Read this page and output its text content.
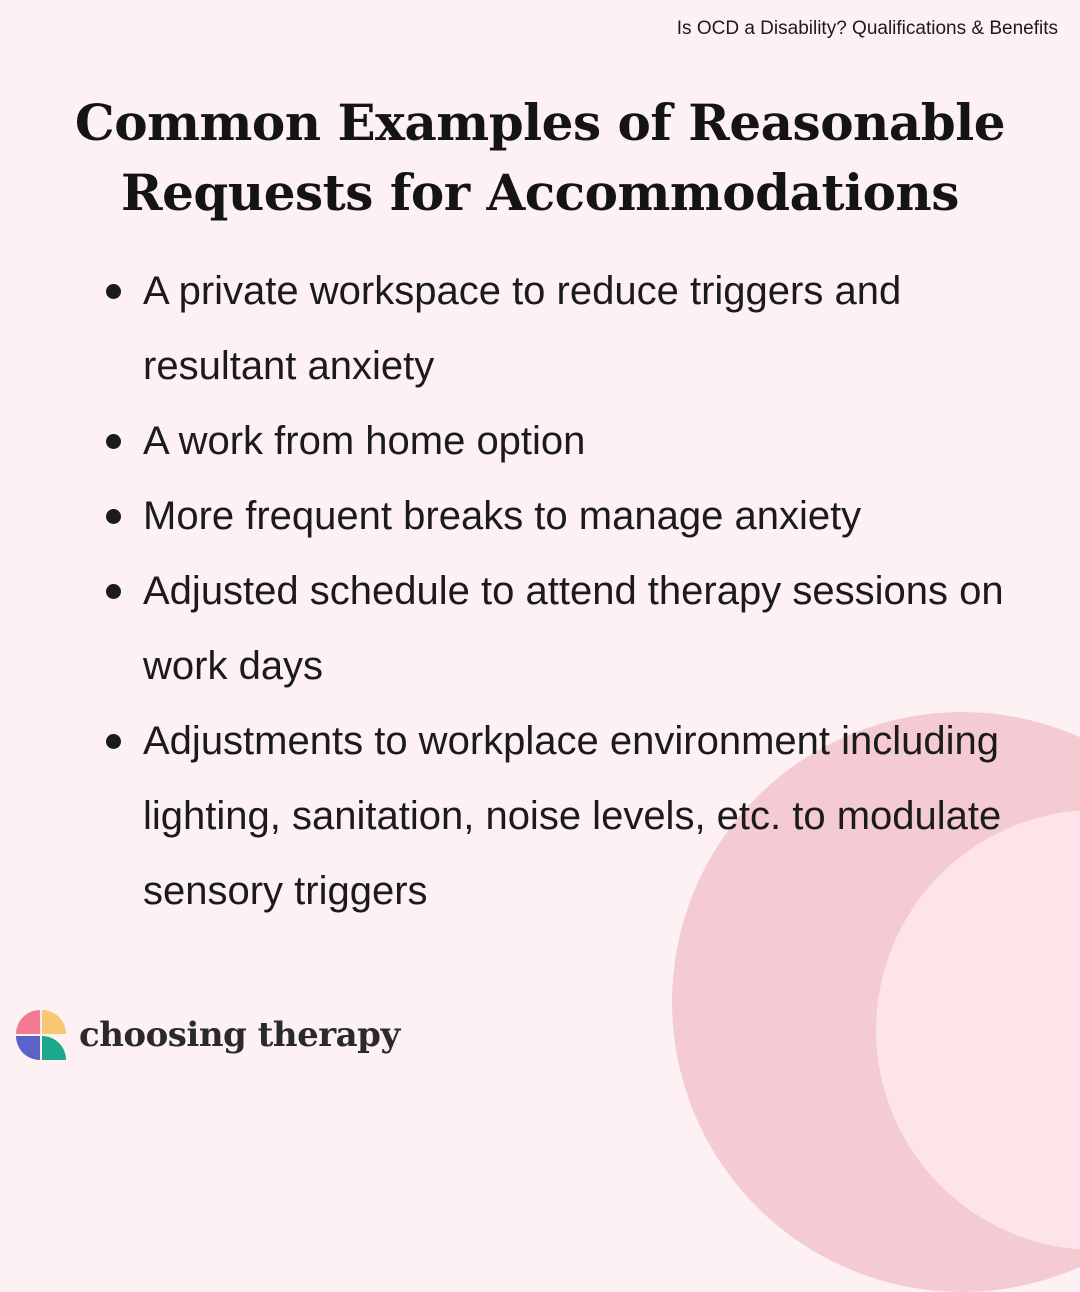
Is OCD a Disability? Qualifications & Benefits
Common Examples of Reasonable Requests for Accommodations
A private workspace to reduce triggers and resultant anxiety
A work from home option
More frequent breaks to manage anxiety
Adjusted schedule to attend therapy sessions on work days
Adjustments to workplace environment including lighting, sanitation, noise levels, etc. to modulate sensory triggers
choosing therapy
